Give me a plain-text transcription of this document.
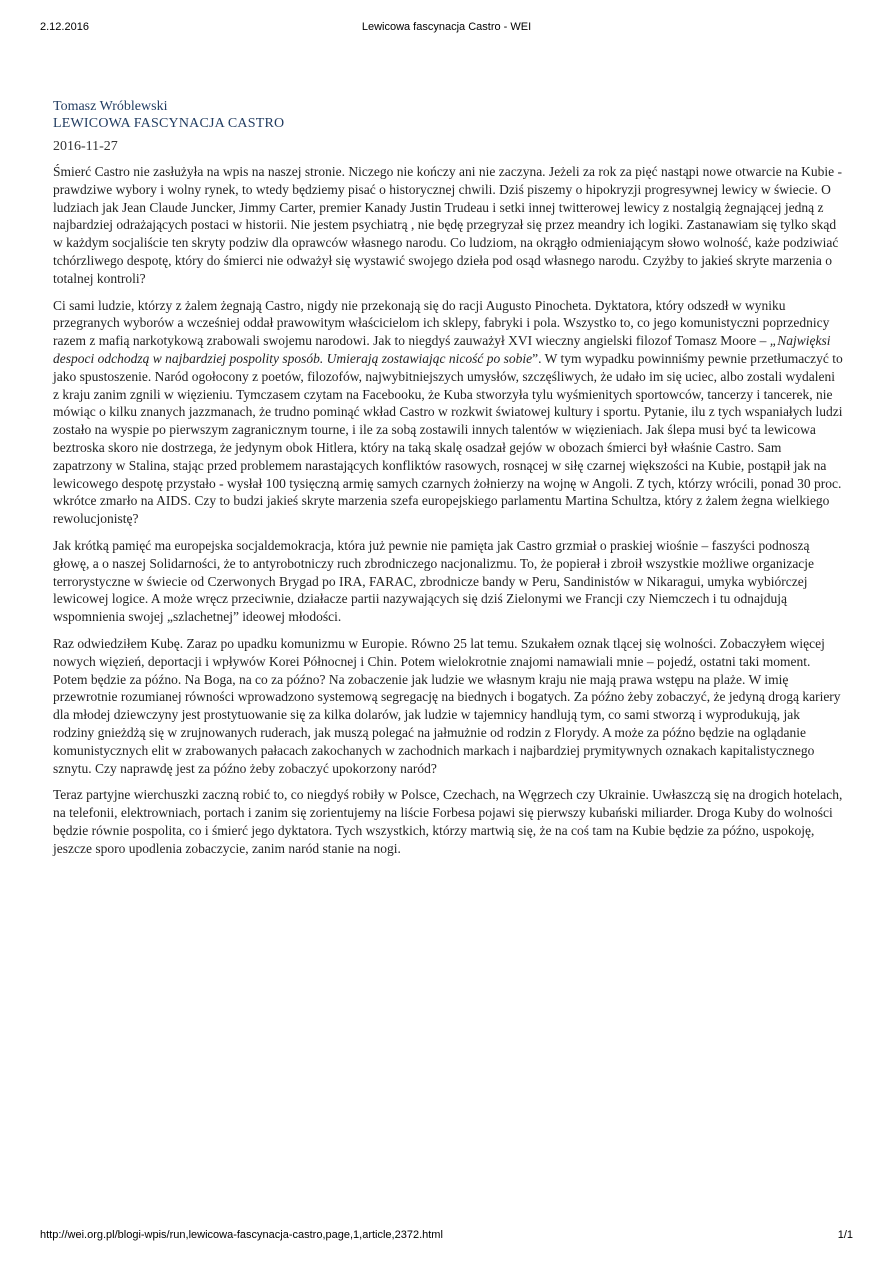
2.12.2016	Lewicowa fascynacja Castro - WEI

Tomasz Wróblewski

LEWICOWA FASCYNACJA CASTRO

2016-11-27

Śmierć Castro nie zasłużyła na wpis na naszej stronie. Niczego nie kończy ani nie zaczyna. Jeżeli za rok za pięć nastąpi nowe otwarcie na Kubie - prawdziwe wybory i wolny rynek, to wtedy będziemy pisać o historycznej chwili. Dziś piszemy o hipokryzji progresywnej lewicy w świecie. O ludziach jak Jean Claude Juncker, Jimmy Carter, premier Kanady Justin Trudeau i setki innej twitterowej lewicy z nostalgią żegnającej jedną z najbardziej odrażających postaci w historii. Nie jestem psychiatrą , nie będę przegryzał się przez meandry ich logiki. Zastanawiam się tylko skąd w każdym socjaliście ten skryty podziw dla oprawców własnego narodu. Co ludziom, na okrągło odmieniającym słowo wolność, każe podziwiać tchórzliwego despotę, który do śmierci nie odważył się wystawić swojego dzieła pod osąd własnego narodu. Czyżby to jakieś skryte marzenia o totalnej kontroli?

Ci sami ludzie, którzy z żalem żegnają Castro, nigdy nie przekonają się do racji Augusto Pinocheta. Dyktatora, który odszedł w wyniku przegranych wyborów a wcześniej oddał prawowitym właścicielom ich sklepy, fabryki i pola. Wszystko to, co jego komunistyczni poprzednicy razem z mafią narkotykową zrabowali swojemu narodowi. Jak to niegdyś zauważył XVI wieczny angielski filozof Tomasz Moore – „Najwięksi despoci odchodzą w najbardziej pospolity sposób. Umierają zostawiając nicość po sobie”. W tym wypadku powinniśmy pewnie przetłumaczyć to jako spustoszenie. Naród ogołocony z poetów, filozofów, najwybitniejszych umysłów, szczęśliwych, że udało im się uciec, albo zostali wydaleni z kraju zanim zgnili w więzieniu. Tymczasem czytam na Facebooku, że Kuba stworzyła tylu wyśmienitych sportowców, tancerzy i tancerek, nie mówiąc o kilku znanych jazzmanach, że trudno pominąć wkład Castro w rozkwit światowej kultury i sportu. Pytanie, ilu z tych wspaniałych ludzi zostało na wyspie po pierwszym zagranicznym tourne, i ile za sobą zostawili innych talentów w więzieniach. Jak ślepa musi być ta lewicowa beztroska skoro nie dostrzega, że jedynym obok Hitlera, który na taką skalę osadzał gejów w obozach śmierci był właśnie Castro. Sam zapatrzony w Stalina, stając przed problemem narastających konfliktów rasowych, rosnącej w siłę czarnej większości na Kubie, postąpił jak na lewicowego despotę przystało - wysłał 100 tysięczną armię samych czarnych żołnierzy na wojnę w Angoli. Z tych, którzy wrócili, ponad 30 proc. wkrótce zmarło na AIDS. Czy to budzi jakieś skryte marzenia szefa europejskiego parlamentu Martina Schultza, który z żalem żegna wielkiego rewolucjonistę?

Jak krótką pamięć ma europejska socjaldemokracja, która już pewnie nie pamięta jak Castro grzmiał o praskiej wiośnie – faszyści podnoszą głowę, a o naszej Solidarności, że to antyrobotniczy ruch zbrodniczego nacjonalizmu. To, że popierał i zbroił wszystkie możliwe organizacje terrorystyczne w świecie od Czerwonych Brygad po IRA, FARAC, zbrodnicze bandy w Peru, Sandinistów w Nikaragui, umyka wybiórczej lewicowej logice. A może wręcz przeciwnie, działacze partii nazywających się dziś Zielonymi we Francji czy Niemczech i tu odnajdują wspomnienia swojej „szlachetnej” ideowej młodości.

Raz odwiedziłem Kubę. Zaraz po upadku komunizmu w Europie. Równo 25 lat temu. Szukałem oznak tlącej się wolności. Zobaczyłem więcej nowych więzień, deportacji i wpływów Korei Północnej i Chin. Potem wielokrotnie znajomi namawiali mnie – pojedź, ostatni taki moment. Potem będzie za późno. Na Boga, na co za późno? Na zobaczenie jak ludzie we własnym kraju nie mają prawa wstępu na plaże. W imię przewrotnie rozumianej równości wprowadzono systemową segregację na biednych i bogatych. Za późno żeby zobaczyć, że jedyną drogą kariery dla młodej dziewczyny jest prostytuowanie się za kilka dolarów, jak ludzie w tajemnicy handlują tym, co sami stworzą i wyprodukują, jak rodziny gnieżdżą się w zrujnowanych ruderach, jak muszą polegać na jałmużnie od rodzin z Florydy. A może za późno będzie na oglądanie komunistycznych elit w zrabowanych pałacach zakochanych w zachodnich markach i najbardziej prymitywnych oznakach kapitalistycznego sznytu. Czy naprawdę jest za późno żeby zobaczyć upokorzony naród?

Teraz partyjne wierchuszki zaczną robić to, co niegdyś robiły w Polsce, Czechach, na Węgrzech czy Ukrainie. Uwłaszczą się na drogich hotelach, na telefonii, elektrowniach, portach i zanim się zorientujemy na liście Forbesa pojawi się pierwszy kubański miliarder. Droga Kuby do wolności będzie równie pospolita, co i śmierć jego dyktatora. Tych wszystkich, którzy martwią się, że na coś tam na Kubie będzie za późno, uspokoję, jeszcze sporo upodlenia zobaczycie, zanim naród stanie na nogi.

http://wei.org.pl/blogi-wpis/run,lewicowa-fascynacja-castro,page,1,article,2372.html	1/1
